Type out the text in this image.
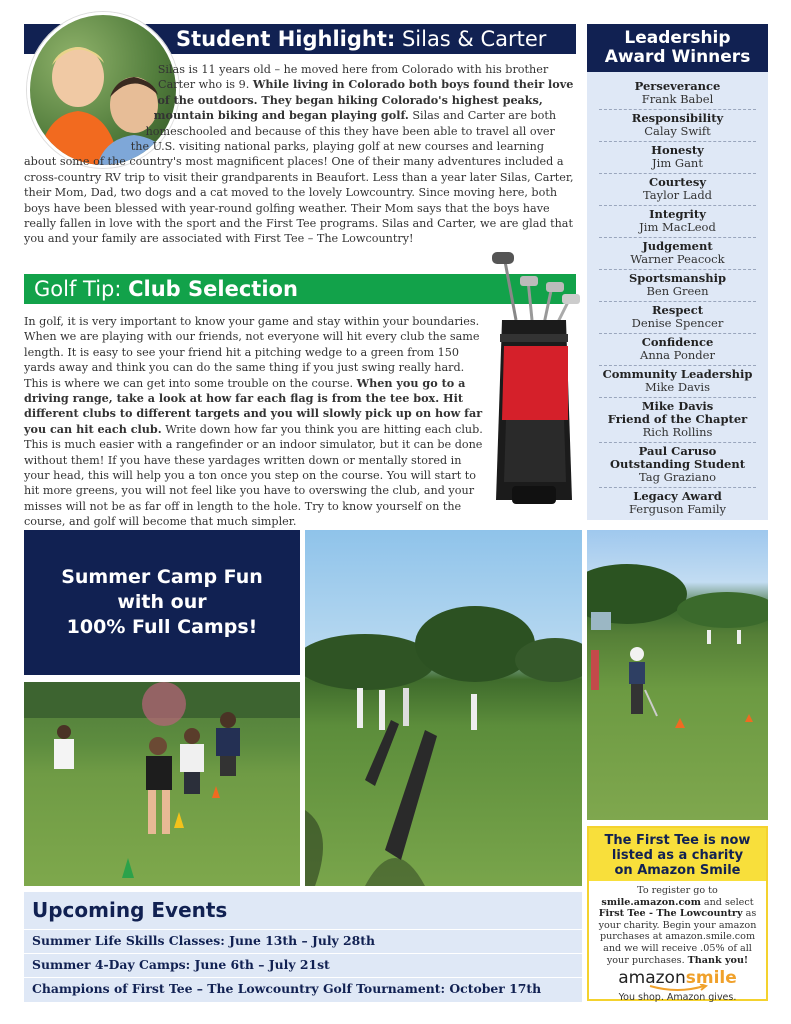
Student Highlight: Silas & Carter
Silas is 11 years old – he moved here from Colorado with his brother Carter who is 9. While living in Colorado both boys found their love of the outdoors. They began hiking Colorado's highest peaks, mountain biking and began playing golf. Silas and Carter are both homeschooled and because of this they have been able to travel all over the U.S. visiting national parks, playing golf at new courses and learning about some of the country's most magnificent places! One of their many adventures included a cross-country RV trip to visit their grandparents in Beaufort. Less than a year later Silas, Carter, their Mom, Dad, two dogs and a cat moved to the lovely Lowcountry. Since moving here, both boys have been blessed with year-round golfing weather. Their Mom says that the boys have really fallen in love with the sport and the First Tee programs. Silas and Carter, we are glad that you and your family are associated with First Tee – The Lowcountry!
Golf Tip: Club Selection
In golf, it is very important to know your game and stay within your boundaries. When we are playing with our friends, not everyone will hit every club the same length. It is easy to see your friend hit a pitching wedge to a green from 150 yards away and think you can do the same thing if you just swing really hard. This is where we can get into some trouble on the course. When you go to a driving range, take a look at how far each flag is from the tee box. Hit different clubs to different targets and you will slowly pick up on how far you can hit each club. Write down how far you think you are hitting each club. This is much easier with a rangefinder or an indoor simulator, but it can be done without them! If you have these yardages written down or mentally stored in your head, this will help you a ton once you step on the course. You will start to hit more greens, you will not feel like you have to overswing the club, and your misses will not be as far off in length to the hole. Try to know yourself on the course, and golf will become that much simpler.
Leadership
Award Winners
Perseverance
Frank Babel
Responsibility
Calay Swift
Honesty
Jim Gant
Courtesy
Taylor Ladd
Integrity
Jim MacLeod
Judgement
Warner Peacock
Sportsmanship
Ben Green
Respect
Denise Spencer
Confidence
Anna Ponder
Community Leadership
Mike Davis
Mike Davis
Friend of the Chapter
Rich Rollins
Paul Caruso
Outstanding Student
Tag Graziano
Legacy Award
Ferguson Family
Summer Camp Fun
with our
100% Full Camps!
The First Tee is now
listed as a charity
on Amazon Smile
To register go to smile.amazon.com and select First Tee - The Lowcountry as your charity. Begin your amazon purchases at amazon.smile.com and we will receive .05% of all your purchases. Thank you!
amazonsmile
You shop. Amazon gives.
Upcoming Events
Summer Life Skills Classes: June 13th – July 28th
Summer 4-Day Camps: June 6th – July 21st
Champions of First Tee – The Lowcountry Golf Tournament: October 17th
